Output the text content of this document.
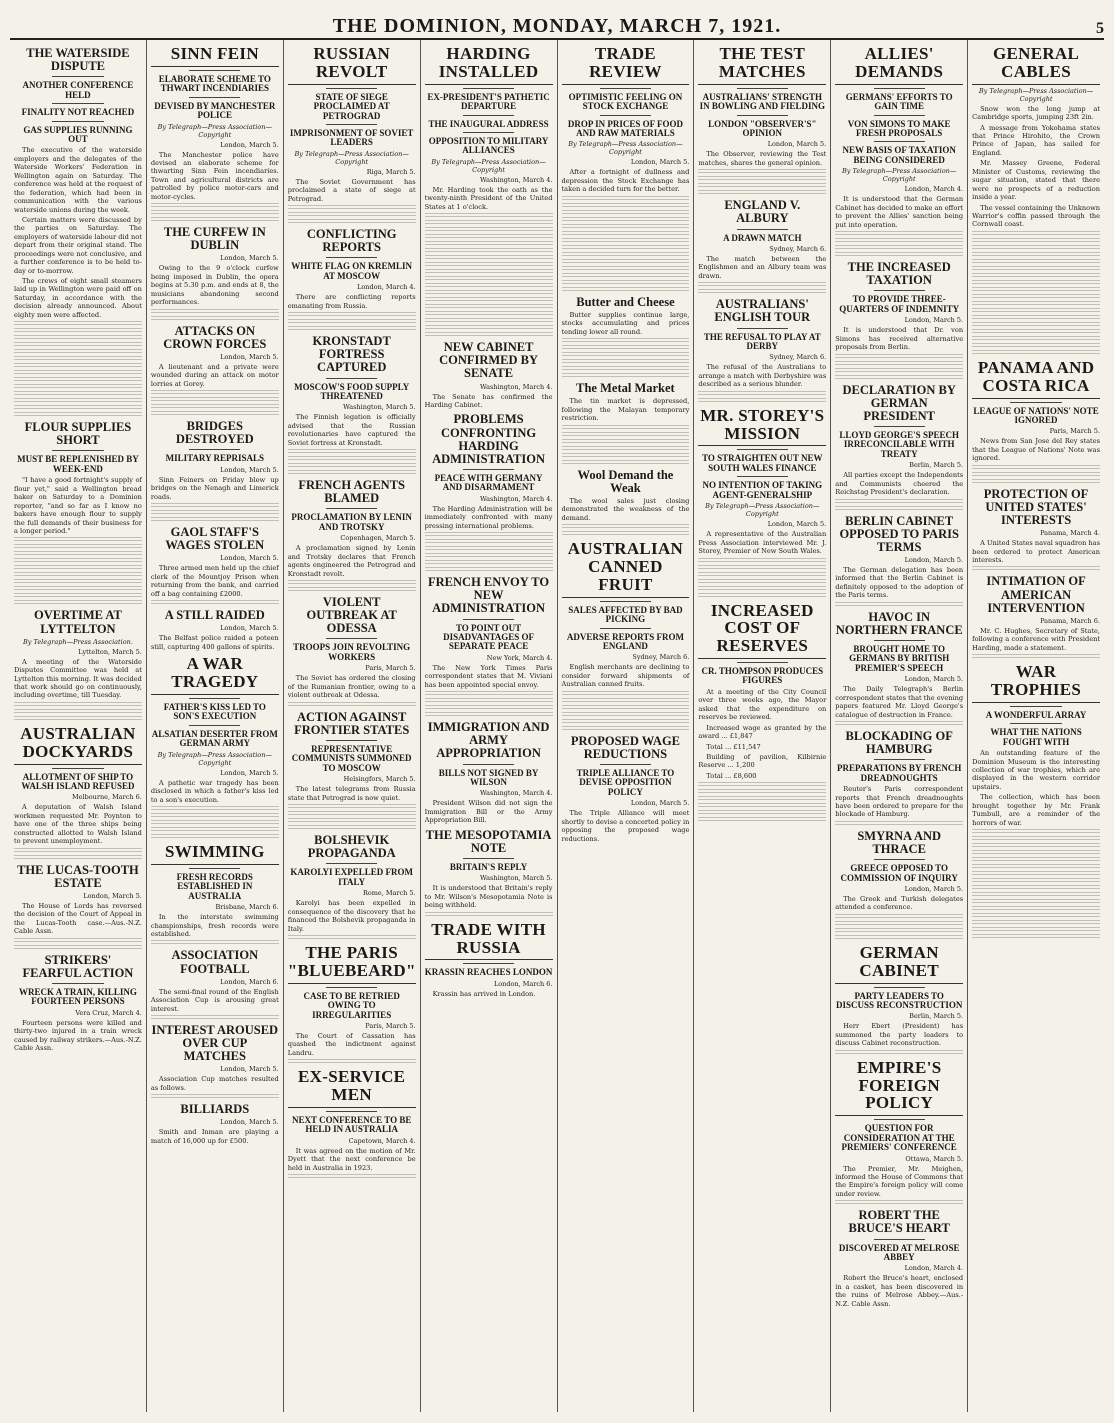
THE DOMINION, MONDAY, MARCH 7, 1921.	5
THE WATERSIDE DISPUTE
ANOTHER CONFERENCE HELD
FINALITY NOT REACHED
GAS SUPPLIES RUNNING OUT

The executive of the waterside employers and the delegates of the Waterside Workers' Federation in Wellington again on Saturday. The conference was held at the request of the federation, which had been in communication with the various waterside unions during the week.

Certain matters were discussed by the parties on Saturday. The employers of waterside labour did not depart from their original stand. The proceedings were not conclusive, and a further conference is to be held to-day or to-morrow.

The crews of eight small steamers laid up in Wellington were paid off on Saturday, in accordance with the decision already announced. About eighty men were affected.

FLOUR SUPPLIES SHORT
MUST BE REPLENISHED BY WEEK-END

"I have a good fortnight's supply of flour yet," said a Wellington bread baker on Saturday to a Dominion reporter, "and so far as I know no bakers have enough flour to supply the full demands of their business for a longer period."

OVERTIME AT LYTTELTON
By Telegraph—Press Association.
Lyttelton, March 5.

A meeting of the Waterside Disputes Committee was held at Lyttelton this morning. It was decided that work should go on continuously, including overtime, till Tuesday.

AUSTRALIAN DOCKYARDS
ALLOTMENT OF SHIP TO WALSH ISLAND REFUSED
Melbourne, March 6.

A deputation of Walsh Island workmen requested Mr. Poynton to have one of the three ships being constructed allotted to Walsh Island to prevent unemployment.

THE LUCAS-TOOTH ESTATE
London, March 5.

The House of Lords has reversed the decision of the Court of Appeal in the Lucas-Tooth case.—Aus.-N.Z. Cable Assn.

STRIKERS' FEARFUL ACTION
WRECK A TRAIN, KILLING FOURTEEN PERSONS
Vera Cruz, March 4.

Fourteen persons were killed and thirty-two injured in a train wreck caused by railway strikers.—Aus.-N.Z. Cable Assn.

SINN FEIN
ELABORATE SCHEME TO THWART INCENDIARIES
DEVISED BY MANCHESTER POLICE
By Telegraph—Press Association—Copyright
London, March 5.

The Manchester police have devised an elaborate scheme for thwarting Sinn Fein incendiaries. Town and agricultural districts are patrolled by police motor-cars and motor-cycles.

THE CURFEW IN DUBLIN
London, March 5.

Owing to the 9 o'clock curfew being imposed in Dublin, the opera begins at 5.30 p.m. and ends at 8, the musicians abandoning second performances.

ATTACKS ON CROWN FORCES
London, March 5.

A lieutenant and a private were wounded during an attack on motor lorries at Gorey.

BRIDGES DESTROYED
MILITARY REPRISALS
London, March 5.

Sinn Feiners on Friday blew up bridges on the Nenagh and Limerick roads.

GAOL STAFF'S WAGES STOLEN
London, March 5.

Three armed men held up the chief clerk of the Mountjoy Prison when returning from the bank, and carried off a bag containing £2000.

A STILL RAIDED
London, March 5.

The Belfast police raided a poteen still, capturing 400 gallons of spirits.

A WAR TRAGEDY
FATHER'S KISS LED TO SON'S EXECUTION
ALSATIAN DESERTER FROM GERMAN ARMY
By Telegraph—Press Association—Copyright
London, March 5.

A pathetic war tragedy has been disclosed in which a father's kiss led to a son's execution.

SWIMMING
FRESH RECORDS ESTABLISHED IN AUSTRALIA
Brisbane, March 6.

In the interstate swimming championships, fresh records were established.

ASSOCIATION FOOTBALL
London, March 6.

The semi-final round of the English Association Cup is arousing great interest.

INTEREST AROUSED OVER CUP MATCHES
London, March 5.

Association Cup matches resulted as follows.

BILLIARDS
London, March 5.

Smith and Inman are playing a match of 16,000 up for £500.

RUSSIAN REVOLT
STATE OF SIEGE PROCLAIMED AT PETROGRAD
IMPRISONMENT OF SOVIET LEADERS
By Telegraph—Press Association—Copyright
Riga, March 5.

The Soviet Government has proclaimed a state of siege at Petrograd.

CONFLICTING REPORTS
WHITE FLAG ON KREMLIN AT MOSCOW
London, March 4.

There are conflicting reports emanating from Russia.

KRONSTADT FORTRESS CAPTURED
MOSCOW'S FOOD SUPPLY THREATENED
Washington, March 5.

The Finnish legation is officially advised that the Russian revolutionaries have captured the Soviet fortress at Kronstadt.

FRENCH AGENTS BLAMED
PROCLAMATION BY LENIN AND TROTSKY
Copenhagen, March 5.

A proclamation signed by Lenin and Trotsky declares that French agents engineered the Petrograd and Kronstadt revolt.

VIOLENT OUTBREAK AT ODESSA
TROOPS JOIN REVOLTING WORKERS
Paris, March 5.

The Soviet has ordered the closing of the Rumanian frontier, owing to a violent outbreak at Odessa.

ACTION AGAINST FRONTIER STATES
REPRESENTATIVE COMMUNISTS SUMMONED TO MOSCOW
Helsingfors, March 5.

The latest telegrams from Russia state that Petrograd is now quiet.

BOLSHEVIK PROPAGANDA
KAROLYI EXPELLED FROM ITALY
Rome, March 5.

Karolyi has been expelled in consequence of the discovery that he financed the Bolshevik propaganda in Italy.

THE PARIS "BLUEBEARD"
CASE TO BE RETRIED OWING TO IRREGULARITIES
Paris, March 5.

The Court of Cassation has quashed the indictment against Landru.

EX-SERVICE MEN
NEXT CONFERENCE TO BE HELD IN AUSTRALIA
Capetown, March 4.

It was agreed on the motion of Mr. Dyett that the next conference be held in Australia in 1923.

HARDING INSTALLED
EX-PRESIDENT'S PATHETIC DEPARTURE
THE INAUGURAL ADDRESS
OPPOSITION TO MILITARY ALLIANCES
By Telegraph—Press Association—Copyright
Washington, March 4.

Mr. Harding took the oath as the twenty-ninth President of the United States at 1 o'clock.

NEW CABINET CONFIRMED BY SENATE
Washington, March 4.

The Senate has confirmed the Harding Cabinet.

PROBLEMS CONFRONTING HARDING ADMINISTRATION
PEACE WITH GERMANY AND DISARMAMENT
Washington, March 4.

The Harding Administration will be immediately confronted with many pressing international problems.

FRENCH ENVOY TO NEW ADMINISTRATION
TO POINT OUT DISADVANTAGES OF SEPARATE PEACE
New York, March 4.

The New York Times Paris correspondent states that M. Viviani has been appointed special envoy.

IMMIGRATION AND ARMY APPROPRIATION
BILLS NOT SIGNED BY WILSON
Washington, March 4.

President Wilson did not sign the Immigration Bill or the Army Appropriation Bill.

THE MESOPOTAMIA NOTE
BRITAIN'S REPLY
Washington, March 5.

It is understood that Britain's reply to Mr. Wilson's Mesopotamia Note is being withheld.

TRADE WITH RUSSIA
KRASSIN REACHES LONDON
London, March 6.

Krassin has arrived in London.

TRADE REVIEW
OPTIMISTIC FEELING ON STOCK EXCHANGE
DROP IN PRICES OF FOOD AND RAW MATERIALS
By Telegraph—Press Association—Copyright
London, March 5.

After a fortnight of dullness and depression the Stock Exchange has taken a decided turn for the better.

Butter and Cheese

Butter supplies continue large, stocks accumulating and prices tending lower all round.

The Metal Market

The tin market is depressed, following the Malayan temporary restriction.

Wool Demand the Weak

The wool sales just closing demonstrated the weakness of the demand.

AUSTRALIAN CANNED FRUIT
SALES AFFECTED BY BAD PICKING
ADVERSE REPORTS FROM ENGLAND
Sydney, March 6.

English merchants are declining to consider forward shipments of Australian canned fruits.

PROPOSED WAGE REDUCTIONS
TRIPLE ALLIANCE TO DEVISE OPPOSITION POLICY
London, March 5.

The Triple Alliance will meet shortly to devise a concerted policy in opposing the proposed wage reductions.

THE TEST MATCHES
AUSTRALIANS' STRENGTH IN BOWLING AND FIELDING
LONDON "OBSERVER'S" OPINION
London, March 5.

The Observer, reviewing the Test matches, shares the general opinion.

ENGLAND V. ALBURY
A DRAWN MATCH
Sydney, March 6.

The match between the Englishmen and an Albury team was drawn.

AUSTRALIANS' ENGLISH TOUR
THE REFUSAL TO PLAY AT DERBY
Sydney, March 6.

The refusal of the Australians to arrange a match with Derbyshire was described as a serious blunder.

MR. STOREY'S MISSION
TO STRAIGHTEN OUT NEW SOUTH WALES FINANCE
NO INTENTION OF TAKING AGENT-GENERALSHIP
By Telegraph—Press Association—Copyright
London, March 5.

A representative of the Australian Press Association interviewed Mr. J. Storey, Premier of New South Wales.

INCREASED COST OF RESERVES
CR. THOMPSON PRODUCES FIGURES

At a meeting of the City Council over three weeks ago, the Mayor asked that the expenditure on reserves be reviewed.

Increased wage as granted by the award ... £1,847

Total ... £11,547

Building of pavilion, Kilbirnie Reserve ... 1,200

Total ... £8,600

ALLIES' DEMANDS
GERMANS' EFFORTS TO GAIN TIME
VON SIMONS TO MAKE FRESH PROPOSALS
NEW BASIS OF TAXATION BEING CONSIDERED
By Telegraph—Press Association—Copyright
London, March 4.

It is understood that the German Cabinet has decided to make an effort to prevent the Allies' sanction being put into operation.

THE INCREASED TAXATION
TO PROVIDE THREE-QUARTERS OF INDEMNITY
London, March 5.

It is understood that Dr. von Simons has received alternative proposals from Berlin.

DECLARATION BY GERMAN PRESIDENT
LLOYD GEORGE'S SPEECH IRRECONCILABLE WITH TREATY
Berlin, March 5.

All parties except the Independents and Communists cheered the Reichstag President's declaration.

BERLIN CABINET OPPOSED TO PARIS TERMS
London, March 5.

The German delegation has been informed that the Berlin Cabinet is definitely opposed to the adoption of the Paris terms.

HAVOC IN NORTHERN FRANCE
BROUGHT HOME TO GERMANS BY BRITISH PREMIER'S SPEECH
London, March 5.

The Daily Telegraph's Berlin correspondent states that the evening papers featured Mr. Lloyd George's catalogue of destruction in France.

BLOCKADING OF HAMBURG
PREPARATIONS BY FRENCH DREADNOUGHTS

Reuter's Paris correspondent reports that French dreadnoughts have been ordered to prepare for the blockade of Hamburg.

SMYRNA AND THRACE
GREECE OPPOSED TO COMMISSION OF INQUIRY
London, March 5.

The Greek and Turkish delegates attended a conference.

GERMAN CABINET
PARTY LEADERS TO DISCUSS RECONSTRUCTION
Berlin, March 5.

Herr Ebert (President) has summoned the party leaders to discuss Cabinet reconstruction.

EMPIRE'S FOREIGN POLICY
QUESTION FOR CONSIDERATION AT THE PREMIERS' CONFERENCE
Ottawa, March 5.

The Premier, Mr. Meighen, informed the House of Commons that the Empire's foreign policy will come under review.

ROBERT THE BRUCE'S HEART
DISCOVERED AT MELROSE ABBEY
London, March 4.

Robert the Bruce's heart, enclosed in a casket, has been discovered in the ruins of Melrose Abbey.—Aus.-N.Z. Cable Assn.

GENERAL CABLES
By Telegraph—Press Association—Copyright

Snow won the long jump at Cambridge sports, jumping 23ft 2in.

A message from Yokohama states that Prince Hirohito, the Crown Prince of Japan, has sailed for England.

Mr. Massey Greene, Federal Minister of Customs, reviewing the sugar situation, stated that there were no prospects of a reduction inside a year.

The vessel containing the Unknown Warrior's coffin passed through the Cornwall coast.

PANAMA AND COSTA RICA
LEAGUE OF NATIONS' NOTE IGNORED
Paris, March 5.

News from San Jose del Rey states that the League of Nations' Note was ignored.

PROTECTION OF UNITED STATES' INTERESTS
Panama, March 4.

A United States naval squadron has been ordered to protect American interests.

INTIMATION OF AMERICAN INTERVENTION
Panama, March 6.

Mr. C. Hughes, Secretary of State, following a conference with President Harding, made a statement.

WAR TROPHIES
A WONDERFUL ARRAY
WHAT THE NATIONS FOUGHT WITH

An outstanding feature of the Dominion Museum is the interesting collection of war trophies, which are displayed in the western corridor upstairs.

The collection, which has been brought together by Mr. Frank Tumbull, are a reminder of the horrors of war.
